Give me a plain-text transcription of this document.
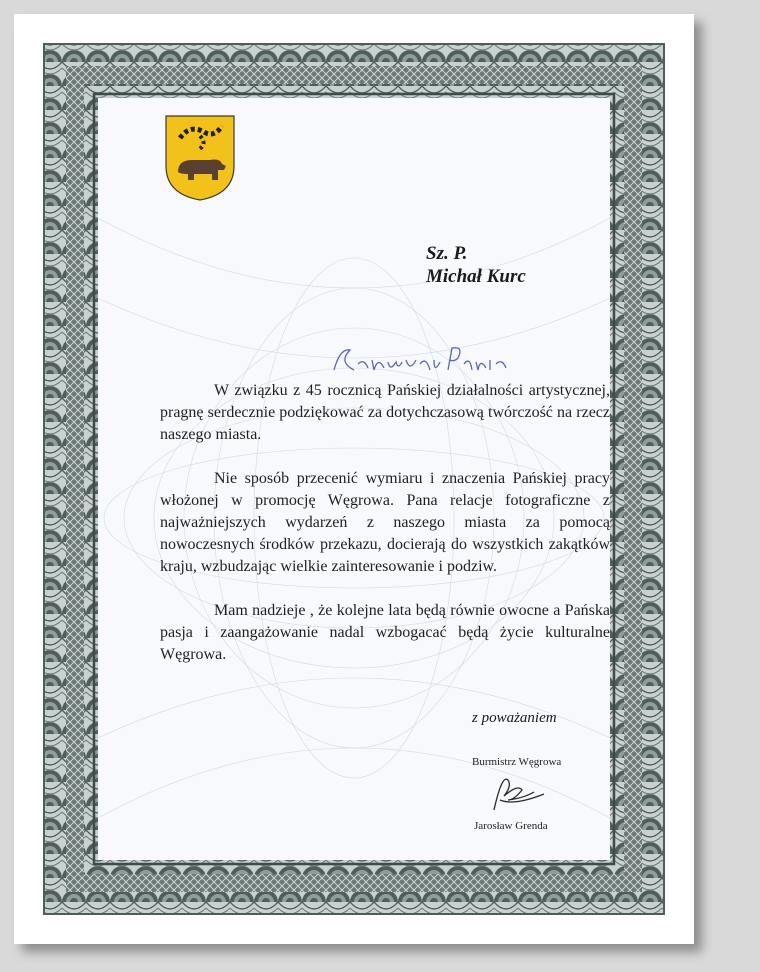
Sz. P.
Michał Kurc
W związku z 45 rocznicą Pańskiej działalności artystycznej, pragnę serdecznie podziękować za dotychczasową twórczość na rzecz naszego miasta.
Nie sposób przecenić wymiaru i znaczenia Pańskiej pracy włożonej w promocję Węgrowa. Pana relacje fotograficzne z najważniejszych wydarzeń z naszego miasta za pomocą nowoczesnych środków przekazu, docierają do wszystkich zakątków kraju, wzbudzając wielkie zainteresowanie i podziw.
Mam nadzieje , że kolejne lata będą równie owocne a Pańska pasja i zaangażowanie nadal wzbogacać będą życie kulturalne Węgrowa.
z poważaniem
Burmistrz Węgrowa
Jarosław Grenda
